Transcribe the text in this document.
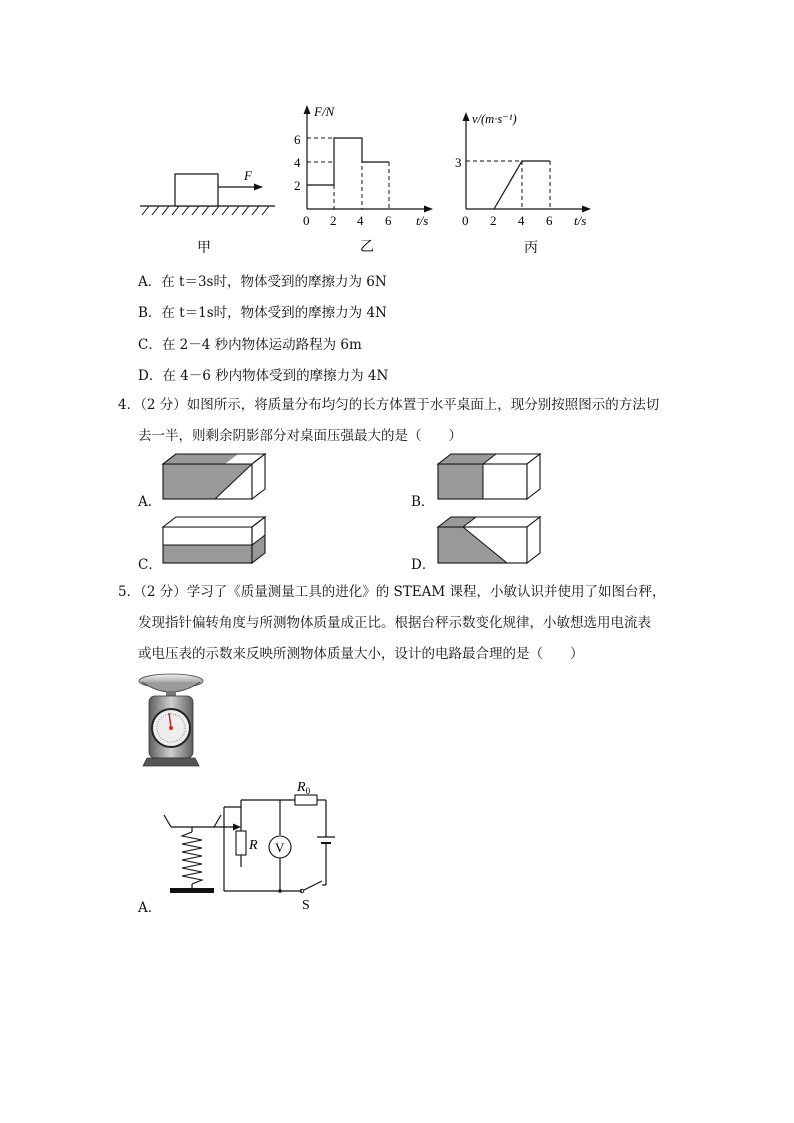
F
甲
F/N
t/s
0 2 4 6
2
4
6
乙
v/(m·s⁻¹)
t/s
0 2 4 6
3
丙
A．在 t＝3s时，物体受到的摩擦力为 6N
B．在 t＝1s时，物体受到的摩擦力为 4N
C．在 2－4 秒内物体运动路程为 6m
D．在 4－6 秒内物体受到的摩擦力为 4N
4．（2 分）如图所示，将质量分布均匀的长方体置于水平桌面上，现分别按照图示的方法切
去一半，则剩余阴影部分对桌面压强最大的是（　　）
A．	B．
C．	D．
5．（2 分）学习了《质量测量工具的进化》的 STEAM 课程，小敏认识并使用了如图台秤，
发现指针偏转角度与所测物体质量成正比。根据台秤示数变化规律，小敏想选用电流表
或电压表的示数来反映所测物体质量大小，设计的电路最合理的是（　　）
R
$R_0$
V
S
A．
